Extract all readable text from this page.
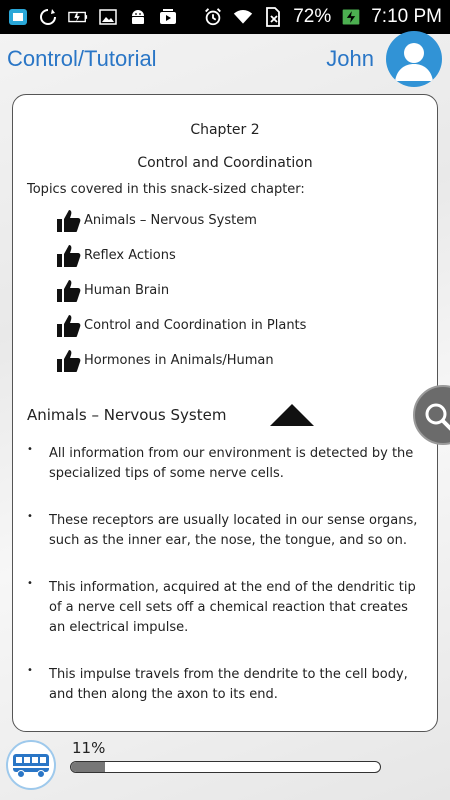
72% 7:10 PM
Control/Tutorial	John
Chapter 2
Control and Coordination
Topics covered in this snack-sized chapter:
Animals – Nervous System
Reflex Actions
Human Brain
Control and Coordination in Plants
Hormones in Animals/Human
Animals – Nervous System
• All information from our environment is detected by the specialized tips of some nerve cells.
• These receptors are usually located in our sense organs, such as the inner ear, the nose, the tongue, and so on.
• This information, acquired at the end of the dendritic tip of a nerve cell sets off a chemical reaction that creates an electrical impulse.
• This impulse travels from the dendrite to the cell body, and then along the axon to its end.
11%
